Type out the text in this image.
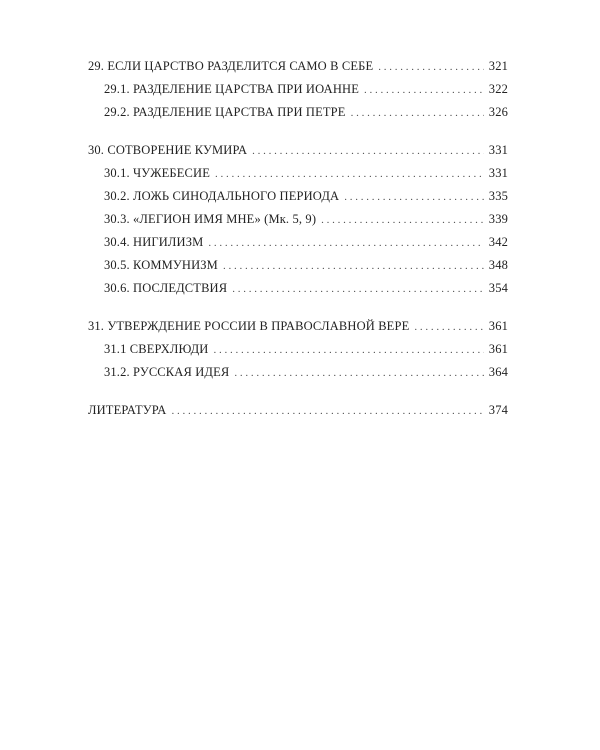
29. ЕСЛИ ЦАРСТВО РАЗДЕЛИТСЯ САМО В СЕБЕ . . .	321
29.1. РАЗДЕЛЕНИЕ ЦАРСТВА ПРИ ИОАННЕ . . .	322
29.2. РАЗДЕЛЕНИЕ ЦАРСТВА ПРИ ПЕТРЕ . . .	326
30. СОТВОРЕНИЕ КУМИРА . . .	331
30.1. ЧУЖЕБЕСИЕ . . .	331
30.2. ЛОЖЬ СИНОДАЛЬНОГО ПЕРИОДА . . .	335
30.3. «ЛЕГИОН ИМЯ МНЕ» (Мк. 5, 9) . . .	339
30.4. НИГИЛИЗМ . . .	342
30.5. КОММУНИЗМ . . .	348
30.6. ПОСЛЕДСТВИЯ . . .	354
31. УТВЕРЖДЕНИЕ РОССИИ В ПРАВОСЛАВНОЙ ВЕРЕ . . .	361
31.1 СВЕРХЛЮДИ . . .	361
31.2. РУССКАЯ ИДЕЯ . . .	364
ЛИТЕРАТУРА . . .	374
